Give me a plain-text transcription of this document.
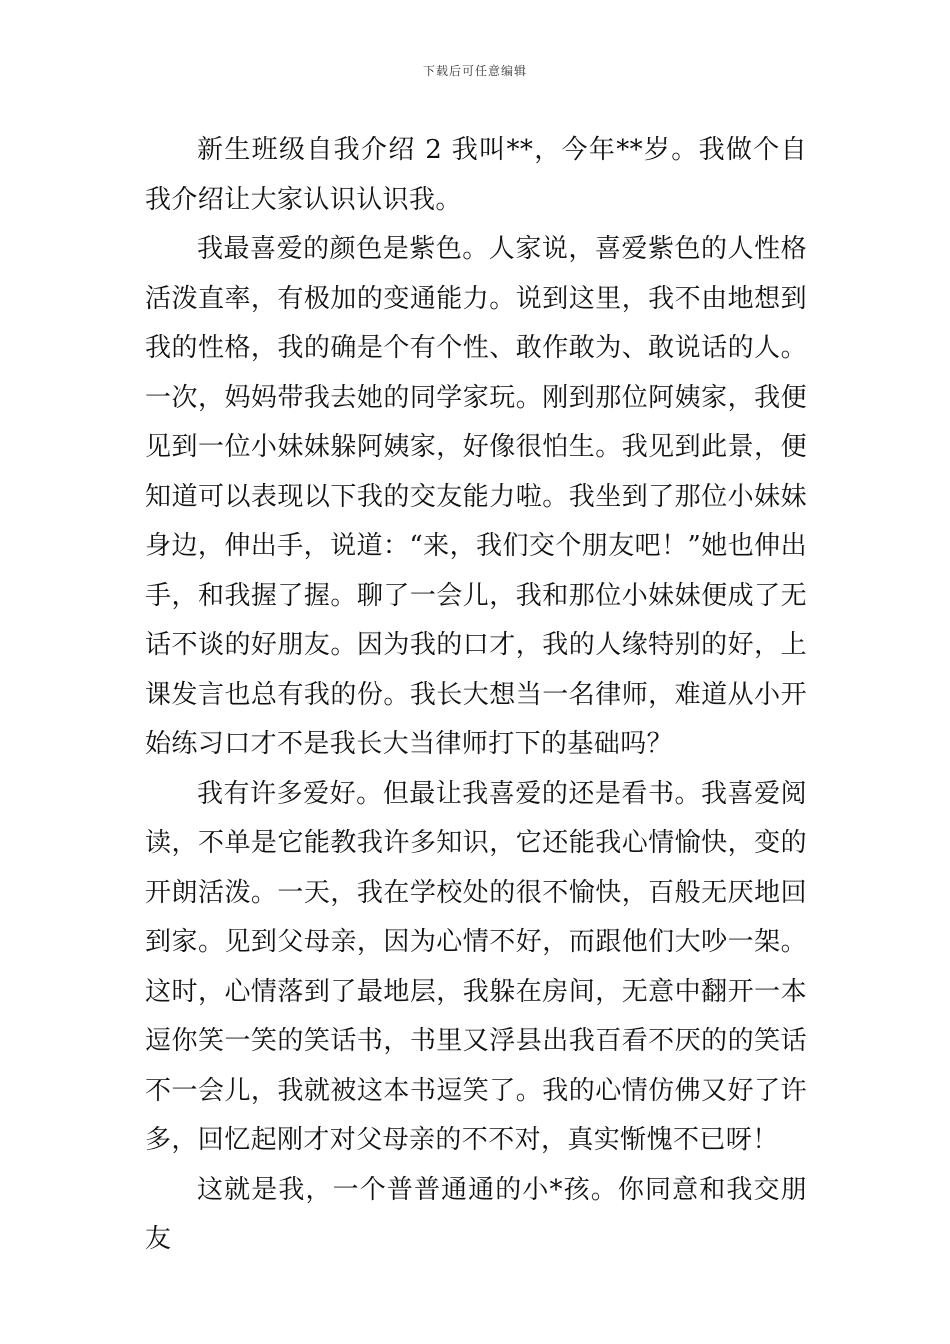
下载后可任意编辑

新生班级自我介绍 2 我叫**，今年**岁。我做个自我介绍让大家认识认识我。

我最喜爱的颜色是紫色。人家说，喜爱紫色的人性格活泼直率，有极加的变通能力。说到这里，我不由地想到我的性格，我的确是个有个性、敢作敢为、敢说话的人。一次，妈妈带我去她的同学家玩。刚到那位阿姨家，我便见到一位小妹妹躲阿姨家，好像很怕生。我见到此景，便知道可以表现以下我的交友能力啦。我坐到了那位小妹妹身边，伸出手，说道：“来，我们交个朋友吧！”她也伸出手，和我握了握。聊了一会儿，我和那位小妹妹便成了无话不谈的好朋友。因为我的口才，我的人缘特别的好，上课发言也总有我的份。我长大想当一名律师，难道从小开始练习口才不是我长大当律师打下的基础吗？

我有许多爱好。但最让我喜爱的还是看书。我喜爱阅读，不单是它能教我许多知识，它还能我心情愉快，变的开朗活泼。一天，我在学校处的很不愉快，百般无厌地回到家。见到父母亲，因为心情不好，而跟他们大吵一架。这时，心情落到了最地层，我躲在房间，无意中翻开一本逗你笑一笑的笑话书，书里又浮县出我百看不厌的的笑话不一会儿，我就被这本书逗笑了。我的心情仿佛又好了许多，回忆起刚才对父母亲的不不对，真实惭愧不已呀！

这就是我，一个普普通通的小*孩。你同意和我交朋友
